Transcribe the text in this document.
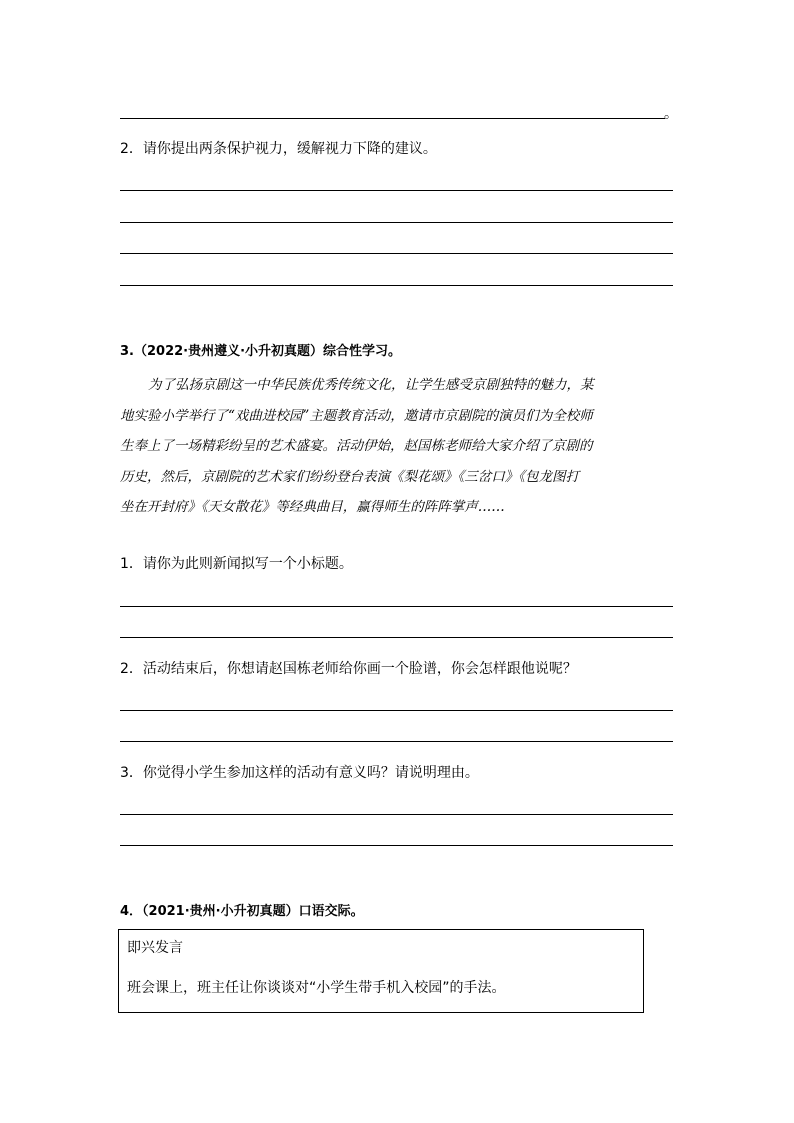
。
2．请你提出两条保护视力，缓解视力下降的建议。
3.（2022·贵州遵义·小升初真题）综合性学习。
为了弘扬京剧这一中华民族优秀传统文化，让学生感受京剧独特的魅力，某
地实验小学举行了“戏曲进校园”主题教育活动，邀请市京剧院的演员们为全校师
生奉上了一场精彩纷呈的艺术盛宴。活动伊始，赵国栋老师给大家介绍了京剧的
历史，然后，京剧院的艺术家们纷纷登台表演《梨花颂》《三岔口》《包龙图打
坐在开封府》《天女散花》等经典曲目，赢得师生的阵阵掌声……
1．请你为此则新闻拟写一个小标题。
2．活动结束后，你想请赵国栋老师给你画一个脸谱，你会怎样跟他说呢？
3．你觉得小学生参加这样的活动有意义吗？请说明理由。
4．（2021·贵州·小升初真题）口语交际。
即兴发言
班会课上，班主任让你谈谈对“小学生带手机入校园”的手法。
